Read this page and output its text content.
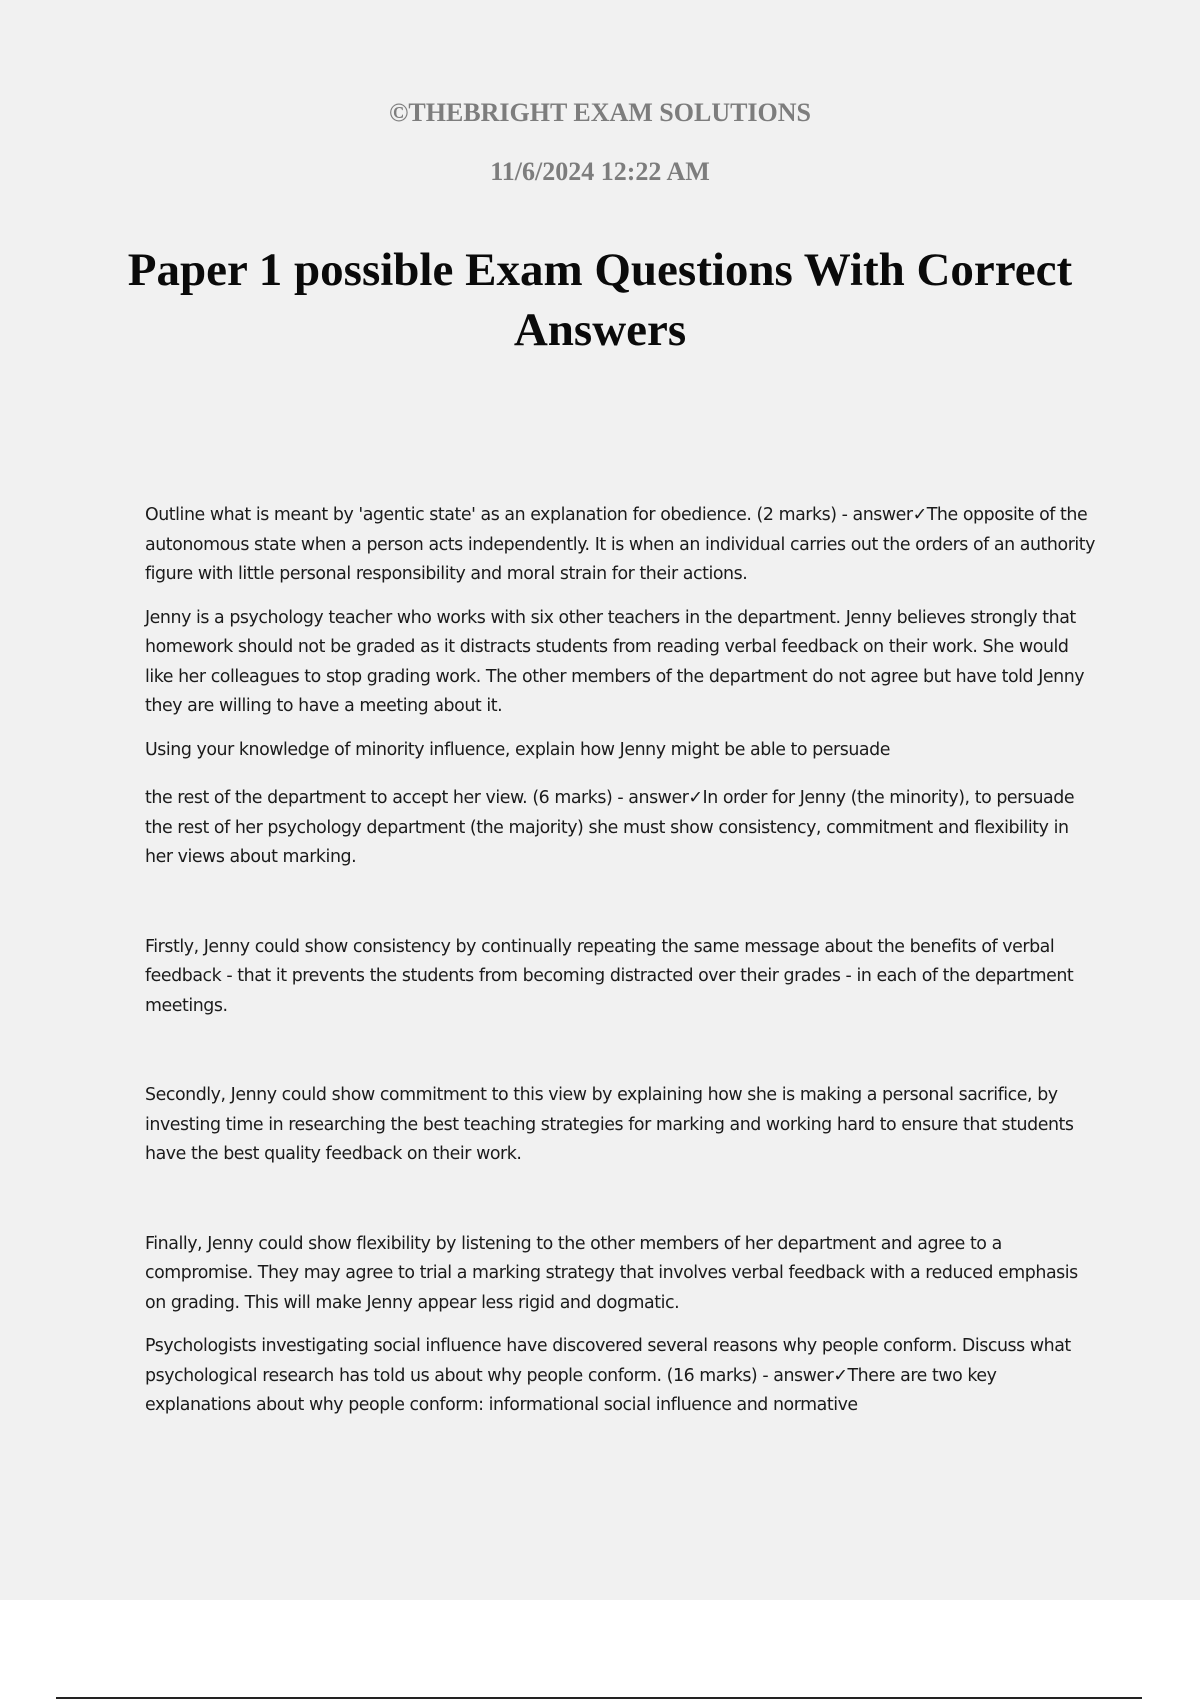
©THEBRIGHT EXAM SOLUTIONS
11/6/2024 12:22 AM
Paper 1 possible Exam Questions With Correct Answers

Outline what is meant by 'agentic state' as an explanation for obedience. (2 marks) - answer✓The opposite of the autonomous state when a person acts independently. It is when an individual carries out the orders of an authority figure with little personal responsibility and moral strain for their actions.

Jenny is a psychology teacher who works with six other teachers in the department. Jenny believes strongly that homework should not be graded as it distracts students from reading verbal feedback on their work. She would like her colleagues to stop grading work. The other members of the department do not agree but have told Jenny they are willing to have a meeting about it.

Using your knowledge of minority influence, explain how Jenny might be able to persuade

the rest of the department to accept her view. (6 marks) - answer✓In order for Jenny (the minority), to persuade the rest of her psychology department (the majority) she must show consistency, commitment and flexibility in her views about marking.

Firstly, Jenny could show consistency by continually repeating the same message about the benefits of verbal feedback - that it prevents the students from becoming distracted over their grades - in each of the department meetings.

Secondly, Jenny could show commitment to this view by explaining how she is making a personal sacrifice, by investing time in researching the best teaching strategies for marking and working hard to ensure that students have the best quality feedback on their work.

Finally, Jenny could show flexibility by listening to the other members of her department and agree to a compromise. They may agree to trial a marking strategy that involves verbal feedback with a reduced emphasis on grading. This will make Jenny appear less rigid and dogmatic.

Psychologists investigating social influence have discovered several reasons why people conform. Discuss what psychological research has told us about why people conform. (16 marks) - answer✓There are two key explanations about why people conform: informational social influence and normative
